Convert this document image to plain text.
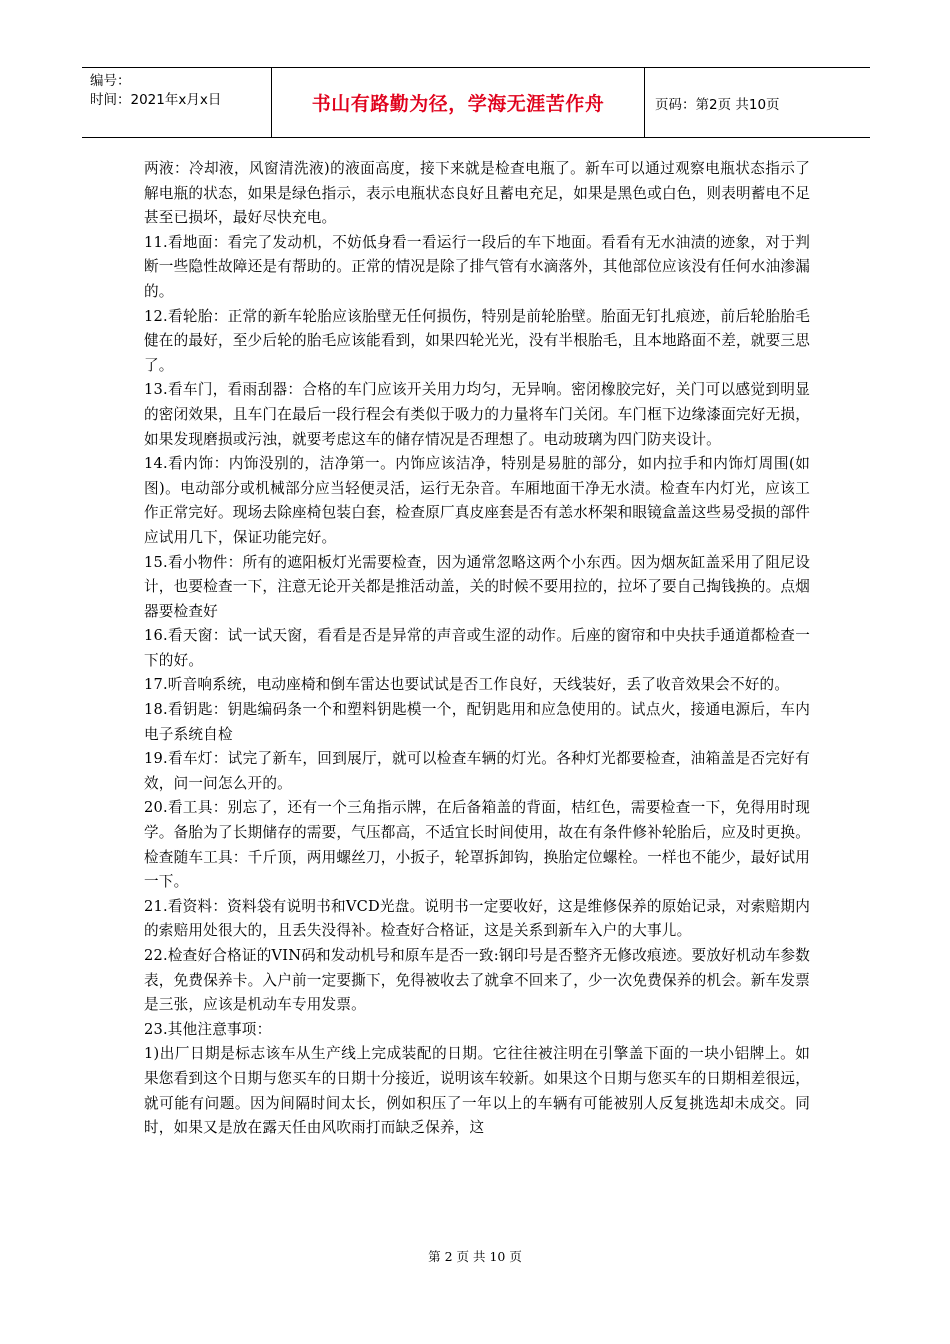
编号：
时间：2021年x月x日	书山有路勤为径，学海无涯苦作舟	页码：第2页 共10页

两液：冷却液，风窗清洗液)的液面高度，接下来就是检查电瓶了。新车可以通过观察电瓶状态指示了解电瓶的状态，如果是绿色指示，表示电瓶状态良好且蓄电充足，如果是黑色或白色，则表明蓄电不足甚至已损坏，最好尽快充电。

11.看地面：看完了发动机，不妨低身看一看运行一段后的车下地面。看看有无水油渍的迹象，对于判断一些隐性故障还是有帮助的。正常的情况是除了排气管有水滴落外，其他部位应该没有任何水油渗漏的。

12.看轮胎：正常的新车轮胎应该胎壁无任何损伤，特别是前轮胎壁。胎面无钉扎痕迹，前后轮胎胎毛健在的最好，至少后轮的胎毛应该能看到，如果四轮光光，没有半根胎毛，且本地路面不差，就要三思了。

13.看车门，看雨刮器：合格的车门应该开关用力均匀，无异响。密闭橡胶完好，关门可以感觉到明显的密闭效果，且车门在最后一段行程会有类似于吸力的力量将车门关闭。车门框下边缘漆面完好无损，如果发现磨损或污浊，就要考虑这车的储存情况是否理想了。电动玻璃为四门防夹设计。

14.看内饰：内饰没别的，洁净第一。内饰应该洁净，特别是易脏的部分，如内拉手和内饰灯周围(如图)。电动部分或机械部分应当轻便灵活，运行无杂音。车厢地面干净无水渍。检查车内灯光，应该工作正常完好。现场去除座椅包装白套，检查原厂真皮座套是否有恙水杯架和眼镜盒盖这些易受损的部件应试用几下，保证功能完好。

15.看小物件：所有的遮阳板灯光需要检查，因为通常忽略这两个小东西。因为烟灰缸盖采用了阻尼设计，也要检查一下，注意无论开关都是推活动盖，关的时候不要用拉的，拉坏了要自己掏钱换的。点烟器要检查好

16.看天窗：试一试天窗，看看是否是异常的声音或生涩的动作。后座的窗帘和中央扶手通道都检查一下的好。

17.听音响系统，电动座椅和倒车雷达也要试试是否工作良好，天线装好，丢了收音效果会不好的。

18.看钥匙：钥匙编码条一个和塑料钥匙模一个，配钥匙用和应急使用的。试点火，接通电源后，车内电子系统自检

19.看车灯：试完了新车，回到展厅，就可以检查车辆的灯光。各种灯光都要检查，油箱盖是否完好有效，问一问怎么开的。

20.看工具：别忘了，还有一个三角指示牌，在后备箱盖的背面，桔红色，需要检查一下，免得用时现学。备胎为了长期储存的需要，气压都高，不适宜长时间使用，故在有条件修补轮胎后，应及时更换。检查随车工具：千斤顶，两用螺丝刀，小扳子，轮罩拆卸钩，换胎定位螺栓。一样也不能少，最好试用一下。

21.看资料：资料袋有说明书和VCD光盘。说明书一定要收好，这是维修保养的原始记录，对索赔期内的索赔用处很大的，且丢失没得补。检查好合格证，这是关系到新车入户的大事儿。

22.检查好合格证的VIN码和发动机号和原车是否一致:钢印号是否整齐无修改痕迹。要放好机动车参数表，免费保养卡。入户前一定要撕下，免得被收去了就拿不回来了，少一次免费保养的机会。新车发票是三张，应该是机动车专用发票。

23.其他注意事项：

1)出厂日期是标志该车从生产线上完成装配的日期。它往往被注明在引擎盖下面的一块小铝牌上。如果您看到这个日期与您买车的日期十分接近，说明该车较新。如果这个日期与您买车的日期相差很远，就可能有问题。因为间隔时间太长，例如积压了一年以上的车辆有可能被别人反复挑选却未成交。同时，如果又是放在露天任由风吹雨打而缺乏保养，这

第 2 页 共 10 页
